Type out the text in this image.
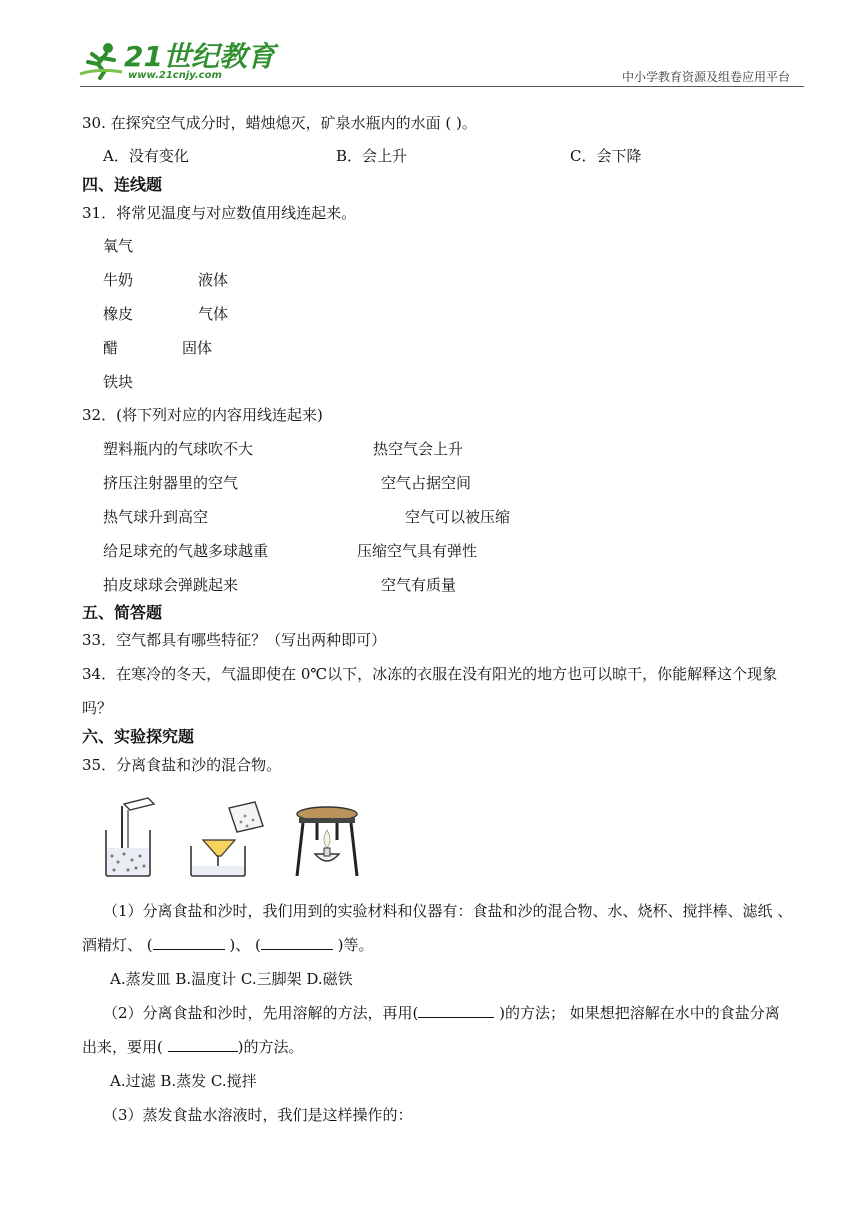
21世纪教育
www.21cnjy.com	中小学教育资源及组卷应用平台
30. 在探究空气成分时，蜡烛熄灭，矿泉水瓶内的水面 ( )。
A．没有变化	B．会上升	C．会下降
四、连线题
31．将常见温度与对应数值用线连起来。
氧气
牛奶	液体
橡皮	气体
醋	固体
铁块
32．(将下列对应的内容用线连起来)
塑料瓶内的气球吹不大	热空气会上升
挤压注射器里的空气	空气占据空间
热气球升到高空	空气可以被压缩
给足球充的气越多球越重	压缩空气具有弹性
拍皮球球会弹跳起来	空气有质量
五、简答题
33．空气都具有哪些特征？（写出两种即可）
34．在寒冷的冬天，气温即使在 0℃以下，冰冻的衣服在没有阳光的地方也可以晾干，你能解释这个现象
吗？
六、实验探究题
35．分离食盐和沙的混合物。
（1）分离食盐和沙时，我们用到的实验材料和仪器有：食盐和沙的混合物、水、烧杯、搅拌棒、滤纸 、
酒精灯、 (	)、 (	)等。
A.蒸发皿 B.温度计 C.三脚架 D.磁铁
（2）分离食盐和沙时，先用溶解的方法，再用(	)的方法； 如果想把溶解在水中的食盐分离
出来，要用(	)的方法。
A.过滤 B.蒸发 C.搅拌
（3）蒸发食盐水溶液时，我们是这样操作的：
